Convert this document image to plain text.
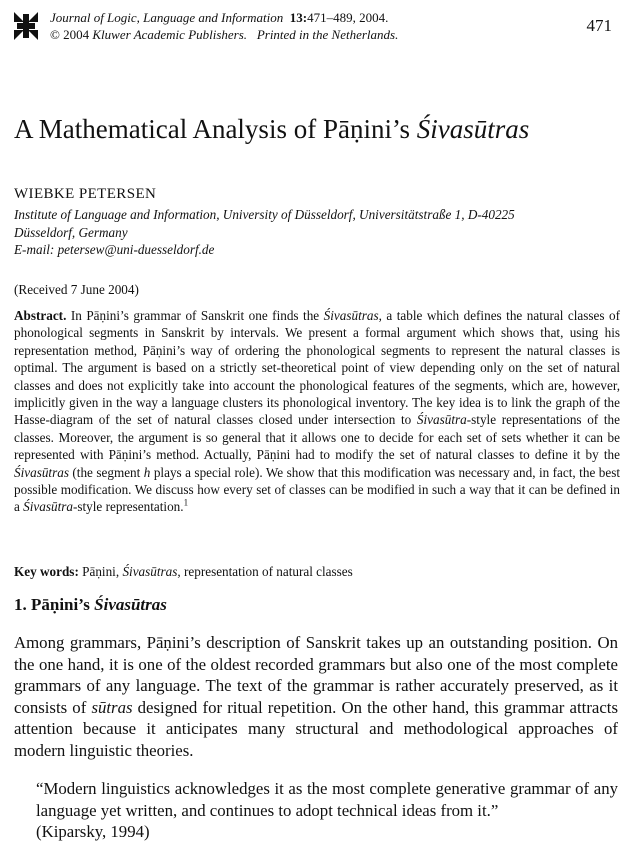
Journal of Logic, Language and Information 13:471–489, 2004.
© 2004 Kluwer Academic Publishers. Printed in the Netherlands.	471
A Mathematical Analysis of Pāṇini’s Śivasūtras
WIEBKE PETERSEN
Institute of Language and Information, University of Düsseldorf, Universitätstraße 1, D-40225
Düsseldorf, Germany
E-mail: petersew@uni-duesseldorf.de
(Received 7 June 2004)

Abstract. In Pāṇini’s grammar of Sanskrit one finds the Śivasūtras, a table which defines the natural classes of phonological segments in Sanskrit by intervals. We present a formal argument which shows that, using his representation method, Pāṇini’s way of ordering the phonological segments to represent the natural classes is optimal. The argument is based on a strictly set-theoretical point of view depending only on the set of natural classes and does not explicitly take into account the phonological features of the segments, which are, however, implicitly given in the way a language clusters its phonological inventory. The key idea is to link the graph of the Hasse-diagram of the set of natural classes closed under intersection to Śivasūtra-style representations of the classes. Moreover, the argument is so general that it allows one to decide for each set of sets whether it can be represented with Pāṇini’s method. Actually, Pāṇini had to modify the set of natural classes to define it by the Śivasūtras (the segment h plays a special role). We show that this modification was necessary and, in fact, the best possible modification. We discuss how every set of classes can be modified in such a way that it can be defined in a Śivasūtra-style representation.$^1$

Key words: Pāṇini, Śivasūtras, representation of natural classes
1. Pāṇini’s Śivasūtras

Among grammars, Pāṇini’s description of Sanskrit takes up an outstanding position. On the one hand, it is one of the oldest recorded grammars but also one of the most complete grammars of any language. The text of the grammar is rather accurately preserved, as it consists of sūtras designed for ritual repetition. On the other hand, this grammar attracts attention because it anticipates many structural and methodological approaches of modern linguistic theories.

“Modern linguistics acknowledges it as the most complete generative grammar of any language yet written, and continues to adopt technical ideas from it.”
(Kiparsky, 1994)
